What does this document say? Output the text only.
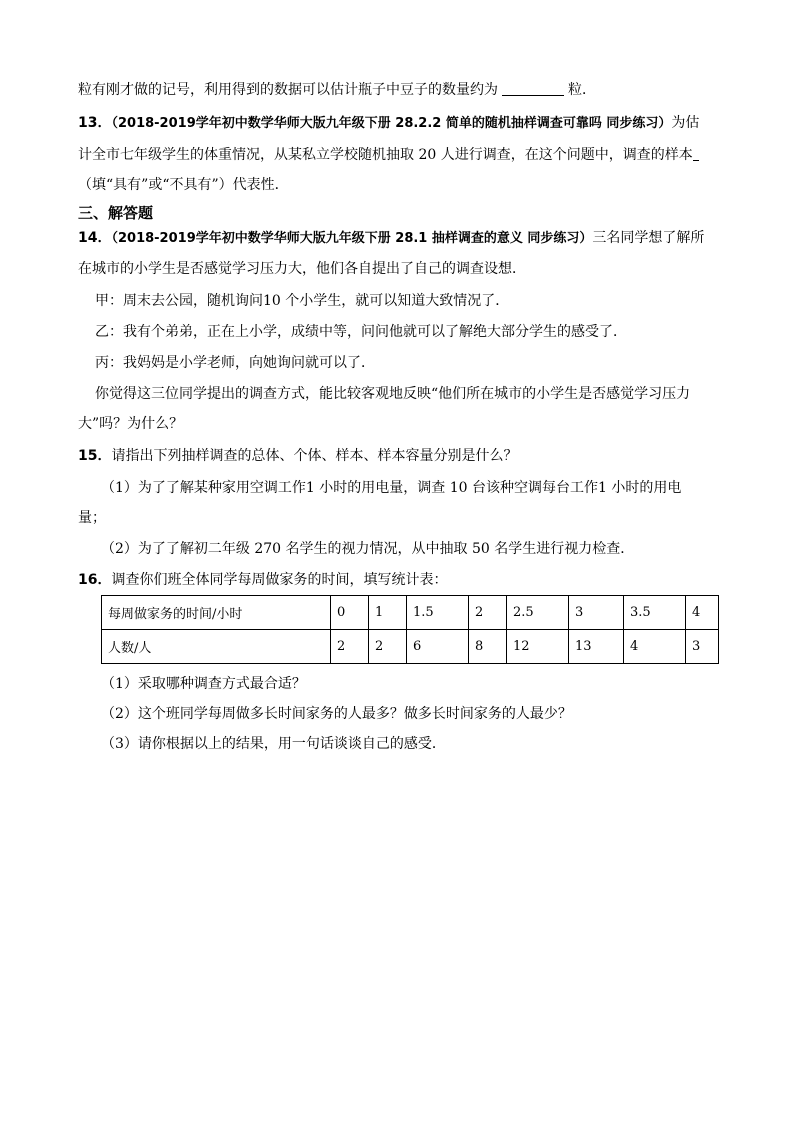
粒有刚才做的记号，利用得到的数据可以估计瓶子中豆子的数量约为	粒．
13．（2018-2019学年初中数学华师大版九年级下册 28.2.2 简单的随机抽样调查可靠吗 同步练习）为估
计全市七年级学生的体重情况，从某私立学校随机抽取 20 人进行调查，在这个问题中，调查的样本
（填“具有”或“不具有”）代表性．
三、解答题
14．（2018-2019学年初中数学华师大版九年级下册 28.1 抽样调查的意义 同步练习）三名同学想了解所
在城市的小学生是否感觉学习压力大，他们各自提出了自己的调查设想．
甲：周末去公园，随机询问10 个小学生，就可以知道大致情况了．
乙：我有个弟弟，正在上小学，成绩中等，问问他就可以了解绝大部分学生的感受了．
丙：我妈妈是小学老师，向她询问就可以了．
你觉得这三位同学提出的调查方式，能比较客观地反映“他们所在城市的小学生是否感觉学习压力
大”吗？为什么？
15．请指出下列抽样调查的总体、个体、样本、样本容量分别是什么？
（1）为了了解某种家用空调工作1 小时的用电量，调查 10 台该种空调每台工作1 小时的用电
量；
（2）为了了解初二年级 270 名学生的视力情况，从中抽取 50 名学生进行视力检查．
16．调查你们班全体同学每周做家务的时间，填写统计表：
每周做家务的时间/小时	0	1	1.5	2	2.5	3	3.5	4
人数/人	2	2	6	8	12	13	4	3
（1）采取哪种调查方式最合适？
（2）这个班同学每周做多长时间家务的人最多？做多长时间家务的人最少？
（3）请你根据以上的结果，用一句话谈谈自己的感受．
